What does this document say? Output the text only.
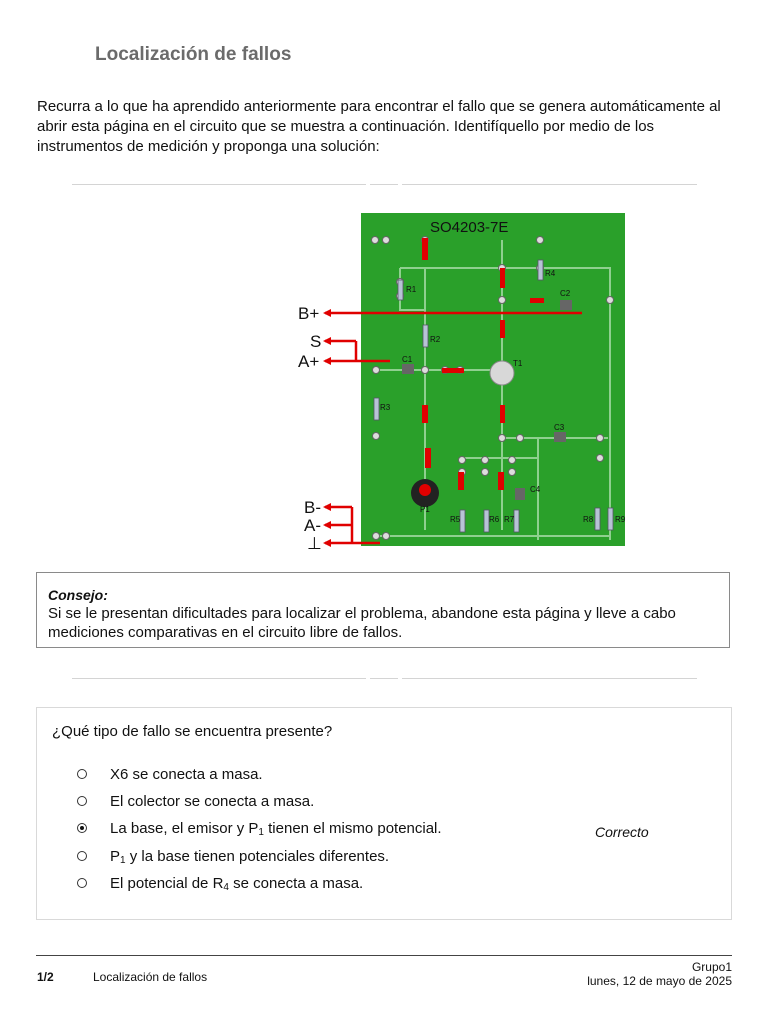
Localización de fallos

Recurra a lo que ha aprendido anteriormente para encontrar el fallo que se genera automáticamente al abrir esta página en el circuito que se muestra a continuación. Identifíquello por medio de los instrumentos de medición y proponga una solución:

SO4203-7E
R1
R2
R3
R4
R5	R6 R7	R8	R9
C1
C2
C3
C4
T1
P1
B+
S
A+
B-
A-
⊥

Consejo:

Si se le presentan dificultades para localizar el problema, abandone esta página y lleve a cabo mediciones comparativas en el circuito libre de fallos.

¿Qué tipo de fallo se encuentra presente?

X6 se conecta a masa.
El colector se conecta a masa.
La base, el emisor y $P_1$ tienen el mismo potencial.
$P_1$ y la base tienen potenciales diferentes.
El potencial de $R_4$ se conecta a masa.
Correcto
1/2	Localización de fallos
Grupo1
lunes, 12 de mayo de 2025
